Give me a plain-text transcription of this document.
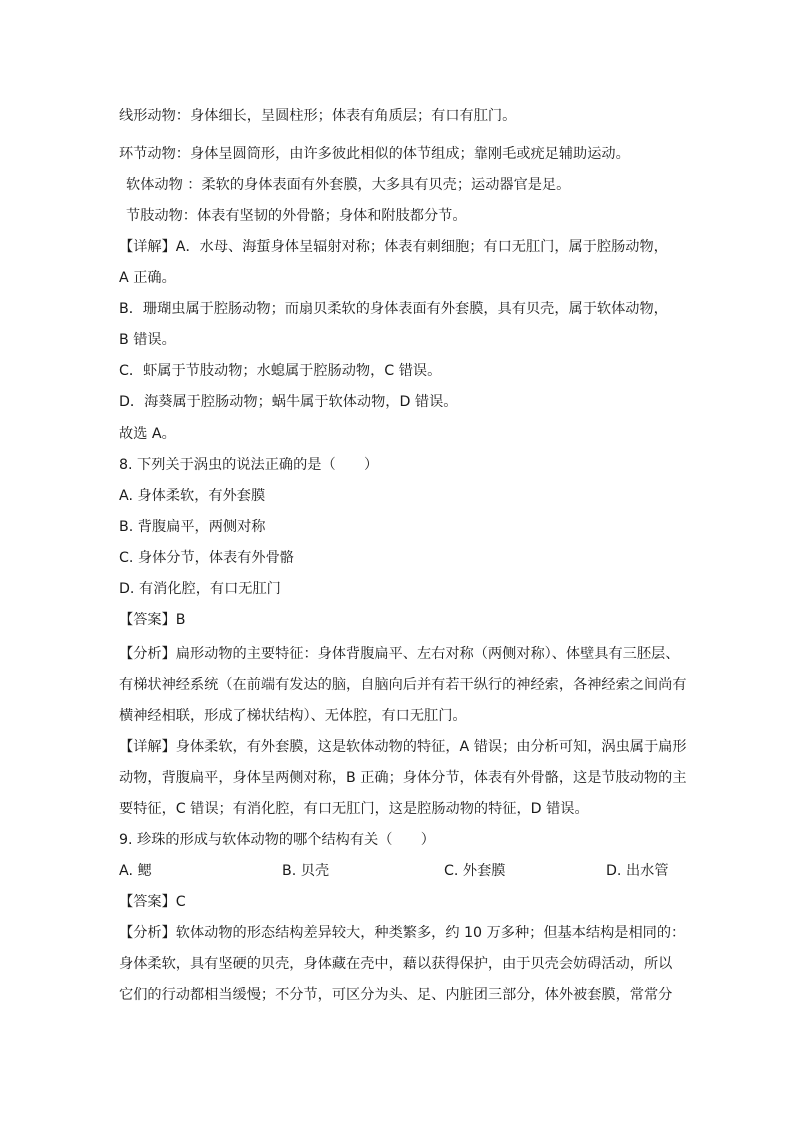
线形动物：身体细长，呈圆柱形；体表有角质层；有口有肛门。
环节动物：身体呈圆筒形，由许多彼此相似的体节组成；靠刚毛或疣足辅助运动。
软体动物 ：柔软的身体表面有外套膜，大多具有贝壳；运动器官是足。
节肢动物：体表有坚韧的外骨骼；身体和附肢都分节。
【详解】A．水母、海蜇身体呈辐射对称；体表有刺细胞；有口无肛门，属于腔肠动物，
A 正确。
B．珊瑚虫属于腔肠动物；而扇贝柔软的身体表面有外套膜，具有贝壳，属于软体动物，
B 错误。
C．虾属于节肢动物；水螅属于腔肠动物，C 错误。
D．海葵属于腔肠动物；蜗牛属于软体动物，D 错误。
故选 A。
8. 下列关于涡虫的说法正确的是（　　）
A. 身体柔软，有外套膜
B. 背腹扁平，两侧对称
C. 身体分节，体表有外骨骼
D. 有消化腔，有口无肛门
【答案】B
【分析】扁形动物的主要特征：身体背腹扁平、左右对称（两侧对称）、体壁具有三胚层、
有梯状神经系统（在前端有发达的脑，自脑向后并有若干纵行的神经索，各神经索之间尚有
横神经相联，形成了梯状结构）、无体腔，有口无肛门。
【详解】身体柔软，有外套膜，这是软体动物的特征，A 错误；由分析可知，涡虫属于扁形
动物，背腹扁平，身体呈两侧对称，B 正确；身体分节，体表有外骨骼，这是节肢动物的主
要特征，C 错误；有消化腔，有口无肛门，这是腔肠动物的特征，D 错误。
9. 珍珠的形成与软体动物的哪个结构有关（　　）
A. 鳃	B. 贝壳	C. 外套膜	D. 出水管
【答案】C
【分析】软体动物的形态结构差异较大，种类繁多，约 10 万多种；但基本结构是相同的：
身体柔软，具有坚硬的贝壳，身体藏在壳中，藉以获得保护，由于贝壳会妨碍活动，所以
它们的行动都相当缓慢；不分节，可区分为头、足、内脏团三部分，体外被套膜，常常分
